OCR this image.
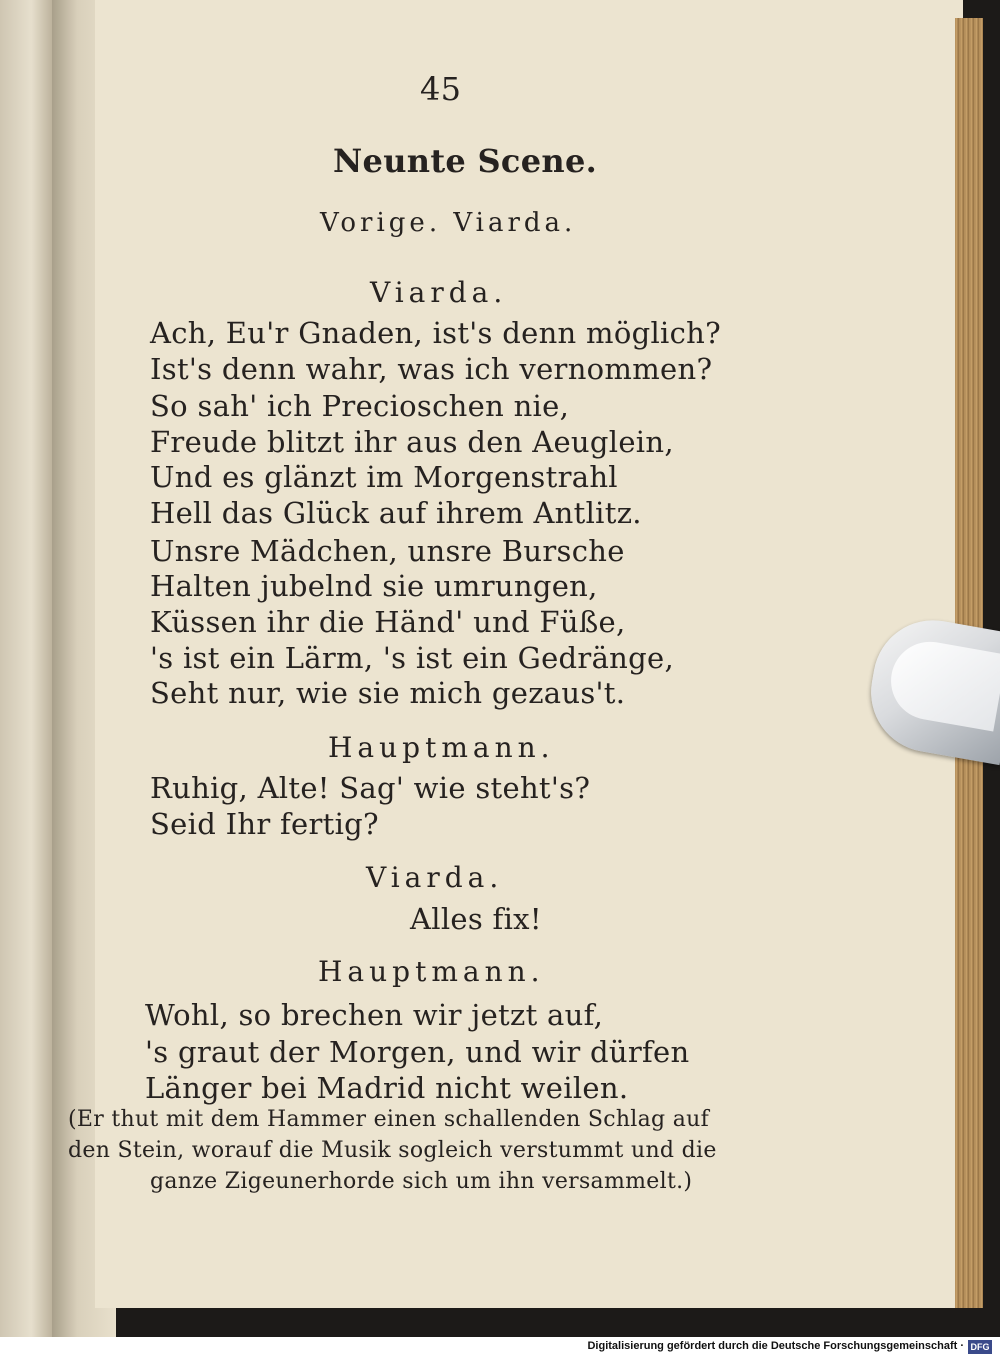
45
Neunte Scene.
Vorige. Viarda.
Viarda.
Ach, Eu'r Gnaden, ist's denn möglich?
Ist's denn wahr, was ich vernommen?
So sah' ich Precioschen nie,
Freude blitzt ihr aus den Aeuglein,
Und es glänzt im Morgenstrahl
Hell das Glück auf ihrem Antlitz.
Unsre Mädchen, unsre Bursche
Halten jubelnd sie umrungen,
Küssen ihr die Händ' und Füße,
's ist ein Lärm, 's ist ein Gedränge,
Seht nur, wie sie mich gezaus't.
Hauptmann.
Ruhig, Alte! Sag' wie steht's?
Seid Ihr fertig?
Viarda.
Alles fix!
Hauptmann.
Wohl, so brechen wir jetzt auf,
's graut der Morgen, und wir dürfen
Länger bei Madrid nicht weilen.
(Er thut mit dem Hammer einen schallenden Schlag auf
den Stein, worauf die Musik sogleich verstummt und die
ganze Zigeunerhorde sich um ihn versammelt.)
Digitalisierung gefördert durch die Deutsche Forschungsgemeinschaft · DFG
